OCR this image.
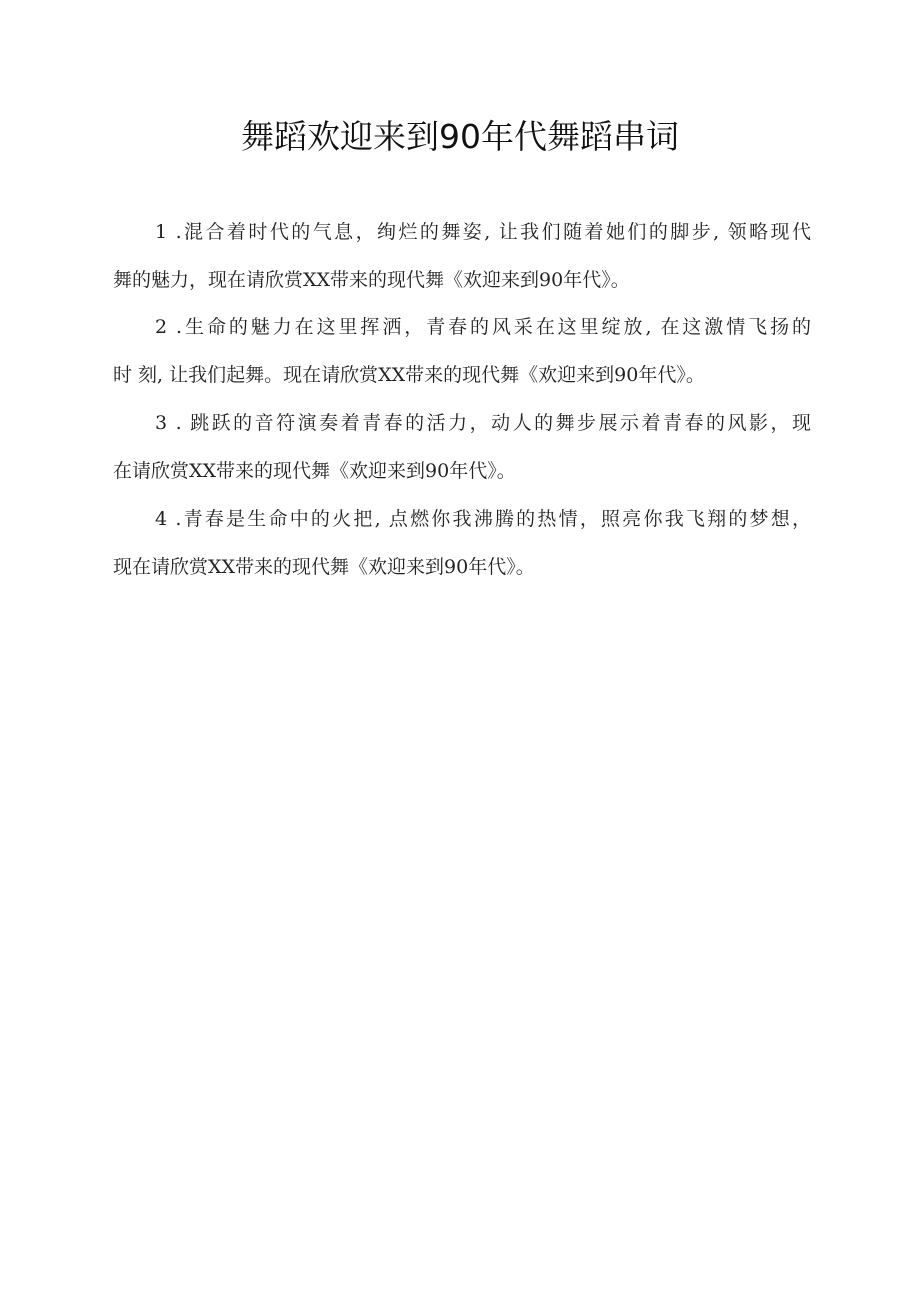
舞蹈欢迎来到90年代舞蹈串词
1 .混合着时代的气息，绚烂的舞姿, 让我们随着她们的脚步, 领略现代
舞的魅力，现在请欣赏XX带来的现代舞《欢迎来到90年代》。
2 .生命的魅力在这里挥洒，青春的风采在这里绽放, 在这激情飞扬的
时 刻, 让我们起舞。现在请欣赏XX带来的现代舞《欢迎来到90年代》。
3 . 跳跃的音符演奏着青春的活力，动人的舞步展示着青春的风影，现
在请欣赏XX带来的现代舞《欢迎来到90年代》。
4 .青春是生命中的火把, 点燃你我沸腾的热情，照亮你我飞翔的梦想，
现在请欣赏XX带来的现代舞《欢迎来到90年代》。
